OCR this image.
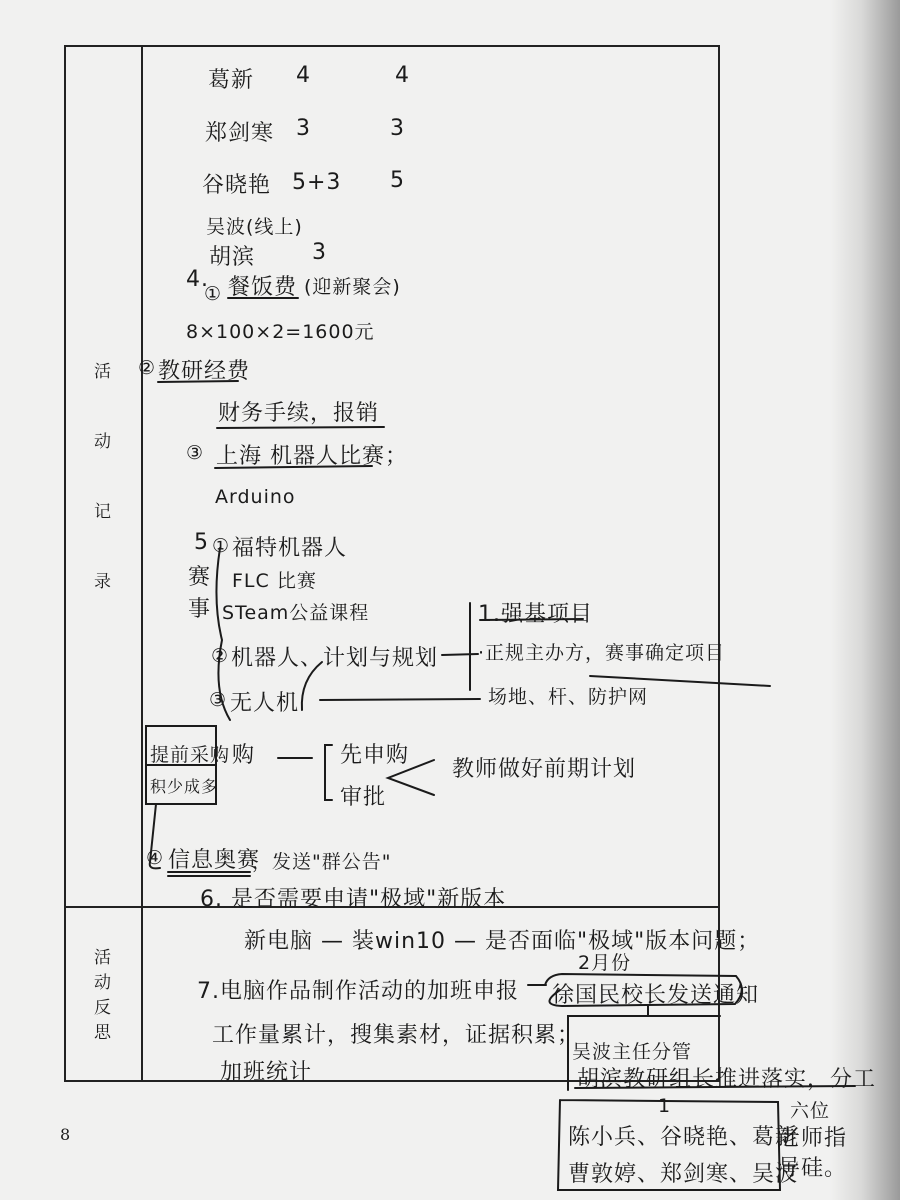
活
动
记
录
活
动
反
思
葛新 4	4
郑剑寒 3	3
谷晓艳 5+3 5
吴波(线上)
胡滨	3
4.
① 餐饭费 (迎新聚会)
8×100×2=1600元
② 教研经费
财务手续，报销
③ 上海 机器人比赛；
Arduino
5
赛事
① 福特机器人
FLC 比赛
STeam公益课程
② 机器人、计划与规划
1.强基项目
·正规主办方，赛事确定项目
③ 无人机	场地、杆、防护网
提前采购 购
积少成多
先申购
审批
教师做好前期计划
④ 信息奥赛
，发送"群公告"
6. 是否需要申请"极域"新版本
新电脑 — 装win10 — 是否面临"极域"版本问题；
2月份
7.电脑作品制作活动的加班申报 徐国民校长发送通知
工作量累计，搜集素材，证据积累；
吴波主任分管
胡滨教研组长推进落实，分工
六位
加班统计
1
陈小兵、谷晓艳、葛新
曹敦婷、郑剑寒、吴波
老师指导硅。
8
